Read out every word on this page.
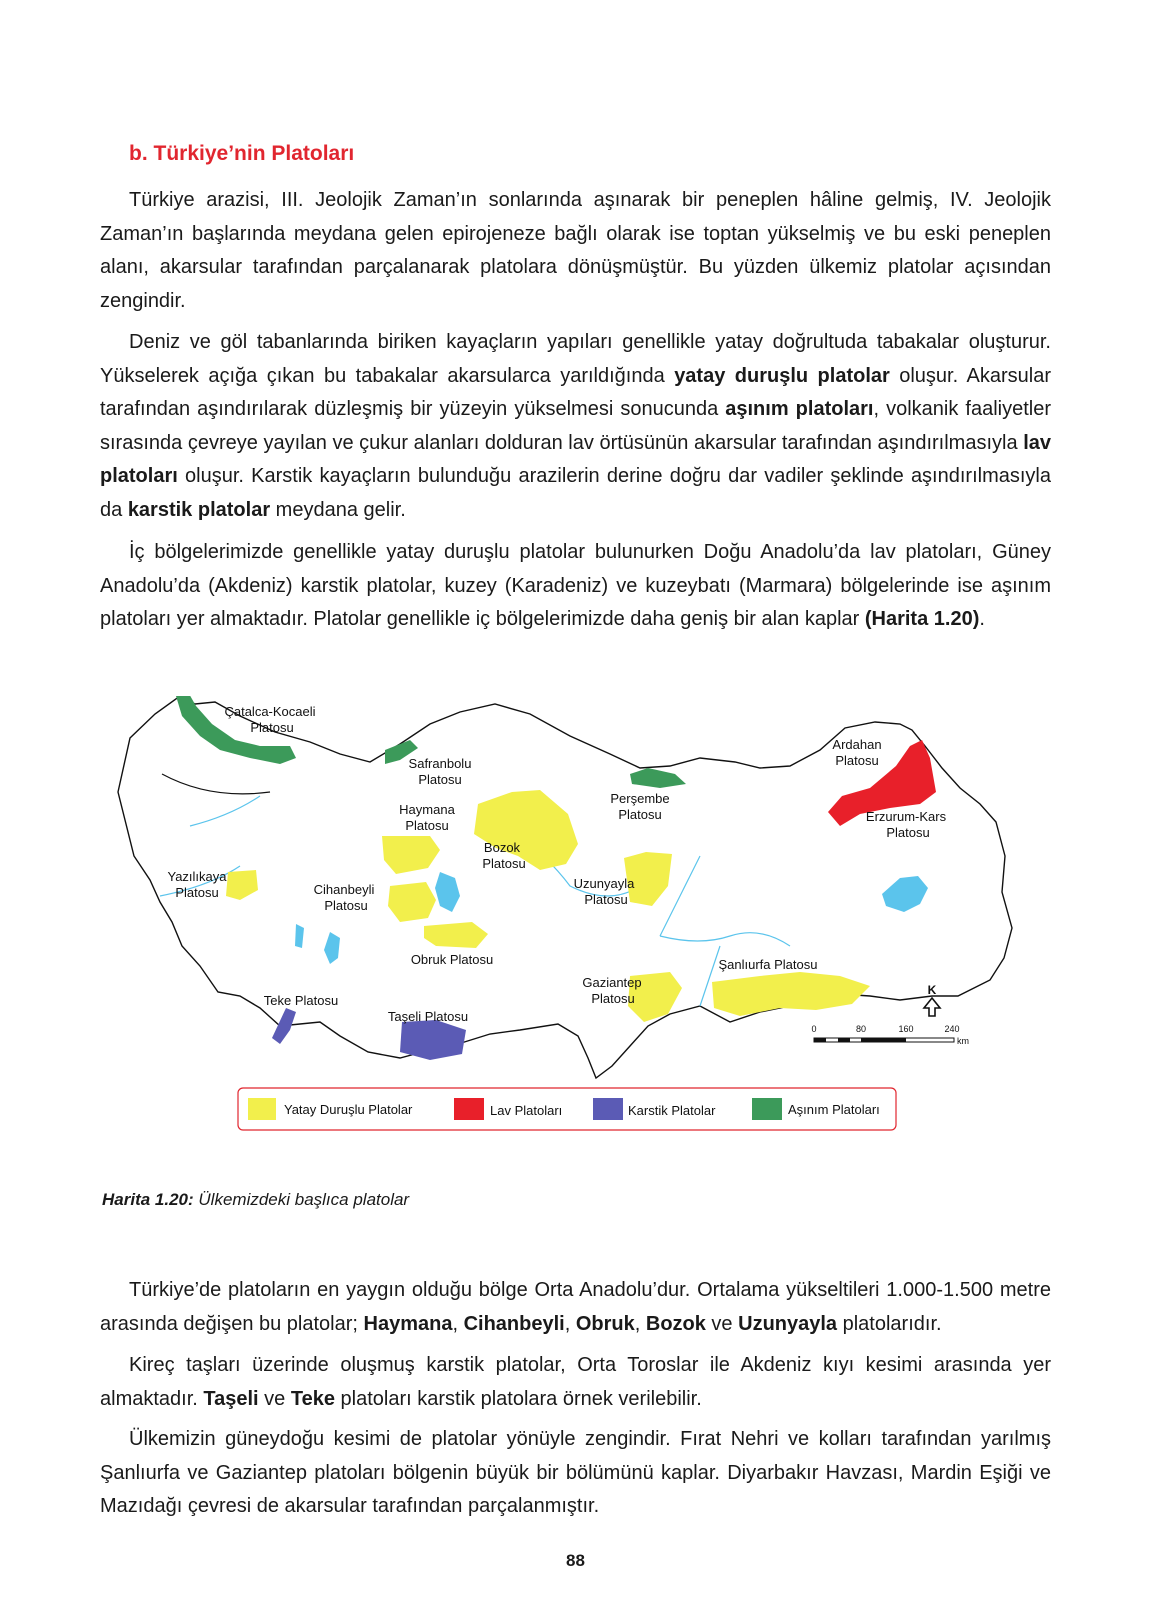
b. Türkiye’nin Platoları

Türkiye arazisi, III. Jeolojik Zaman’ın sonlarında aşınarak bir peneplen hâline gelmiş, IV. Jeolojik Zaman’ın başlarında meydana gelen epirojeneze bağlı olarak ise toptan yükselmiş ve bu eski peneplen alanı, akarsular tarafından parçalanarak platolara dönüşmüştür. Bu yüzden ülkemiz platolar açısından zengindir.

Deniz ve göl tabanlarında biriken kayaçların yapıları genellikle yatay doğrultuda tabakalar oluşturur. Yükselerek açığa çıkan bu tabakalar akarsularca yarıldığında yatay duruşlu platolar oluşur. Akarsular tarafından aşındırılarak düzleşmiş bir yüzeyin yükselmesi sonucunda aşınım platoları, volkanik faaliyetler sırasında çevreye yayılan ve çukur alanları dolduran lav örtüsünün akarsular tarafından aşındırılmasıyla lav platoları oluşur. Karstik kayaçların bulunduğu arazilerin derine doğru dar vadiler şeklinde aşındırılmasıyla da karstik platolar meydana gelir.

İç bölgelerimizde genellikle yatay duruşlu platolar bulunurken Doğu Anadolu’da lav platoları, Güney Anadolu’da (Akdeniz) karstik platolar, kuzey (Karadeniz) ve kuzeybatı (Marmara) bölgelerinde ise aşınım platoları yer almaktadır. Platolar genellikle iç bölgelerimizde daha geniş bir alan kaplar (Harita 1.20).

Çatalca-Kocaeli
Platosu
Safranbolu
Platosu
Haymana
Platosu
Bozok
Platosu
Perşembe
Platosu
Ardahan
Platosu
Erzurum-Kars
Platosu
Yazılıkaya
Platosu	Cihanbeyli
Platosu
Uzunyayla
Platosu
Obruk Platosu
Gaziantep
Platosu
Şanlıurfa Platosu
Teke Platosu
Taşeli Platosu
K
0	80	160	240
km
Yatay Duruşlu Platolar	Lav Platoları	Karstik Platolar	Aşınım Platoları
Harita 1.20: Ülkemizdeki başlıca platolar

Türkiye’de platoların en yaygın olduğu bölge Orta Anadolu’dur. Ortalama yükseltileri 1.000-1.500 metre arasında değişen bu platolar; Haymana, Cihanbeyli, Obruk, Bozok ve Uzunyayla platolarıdır.

Kireç taşları üzerinde oluşmuş karstik platolar, Orta Toroslar ile Akdeniz kıyı kesimi arasında yer almaktadır. Taşeli ve Teke platoları karstik platolara örnek verilebilir.

Ülkemizin güneydoğu kesimi de platolar yönüyle zengindir. Fırat Nehri ve kolları tarafından yarılmış Şanlıurfa ve Gaziantep platoları bölgenin büyük bir bölümünü kaplar. Diyarbakır Havzası, Mardin Eşiği ve Mazıdağı çevresi de akarsular tarafından parçalanmıştır.

88
